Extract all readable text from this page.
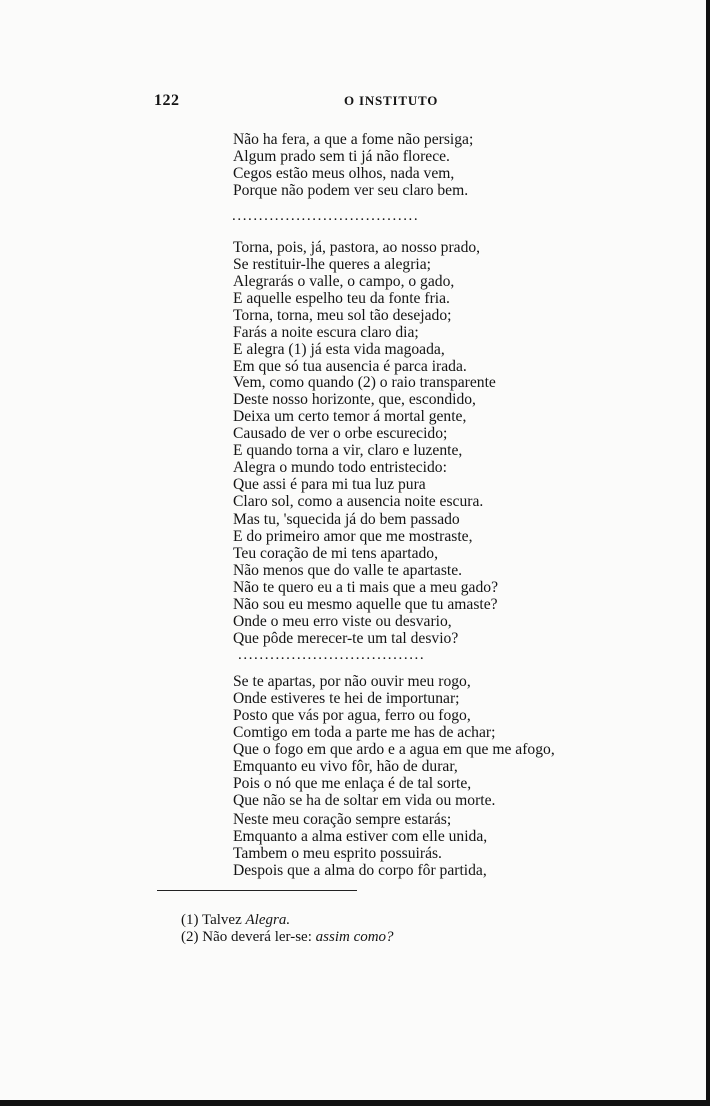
122	O INSTITUTO
Não ha fera, a que a fome não persiga;
Algum prado sem ti já não florece.
Cegos estão meus olhos, nada vem,
Porque não podem ver seu claro bem.
...................................
Torna, pois, já, pastora, ao nosso prado,
Se restituir-lhe queres a alegria;
Alegrarás o valle, o campo, o gado,
E aquelle espelho teu da fonte fria.
Torna, torna, meu sol tão desejado;
Farás a noite escura claro dia;
E alegra (1) já esta vida magoada,
Em que só tua ausencia é parca irada.
Vem, como quando (2) o raio transparente
Deste nosso horizonte, que, escondido,
Deixa um certo temor á mortal gente,
Causado de ver o orbe escurecido;
E quando torna a vir, claro e luzente,
Alegra o mundo todo entristecido:
Que assi é para mi tua luz pura
Claro sol, como a ausencia noite escura.
Mas tu, 'squecida já do bem passado
E do primeiro amor que me mostraste,
Teu coração de mi tens apartado,
Não menos que do valle te apartaste.
Não te quero eu a ti mais que a meu gado?
Não sou eu mesmo aquelle que tu amaste?
Onde o meu erro viste ou desvario,
Que pôde merecer-te um tal desvio?
...................................
Se te apartas, por não ouvir meu rogo,
Onde estiveres te hei de importunar;
Posto que vás por agua, ferro ou fogo,
Comtigo em toda a parte me has de achar;
Que o fogo em que ardo e a agua em que me afogo,
Emquanto eu vivo fôr, hão de durar,
Pois o nó que me enlaça é de tal sorte,
Que não se ha de soltar em vida ou morte.
Neste meu coração sempre estarás;
Emquanto a alma estiver com elle unida,
Tambem o meu esprito possuirás.
Despois que a alma do corpo fôr partida,
(1) Talvez Alegra.
(2) Não deverá ler-se: assim como?
